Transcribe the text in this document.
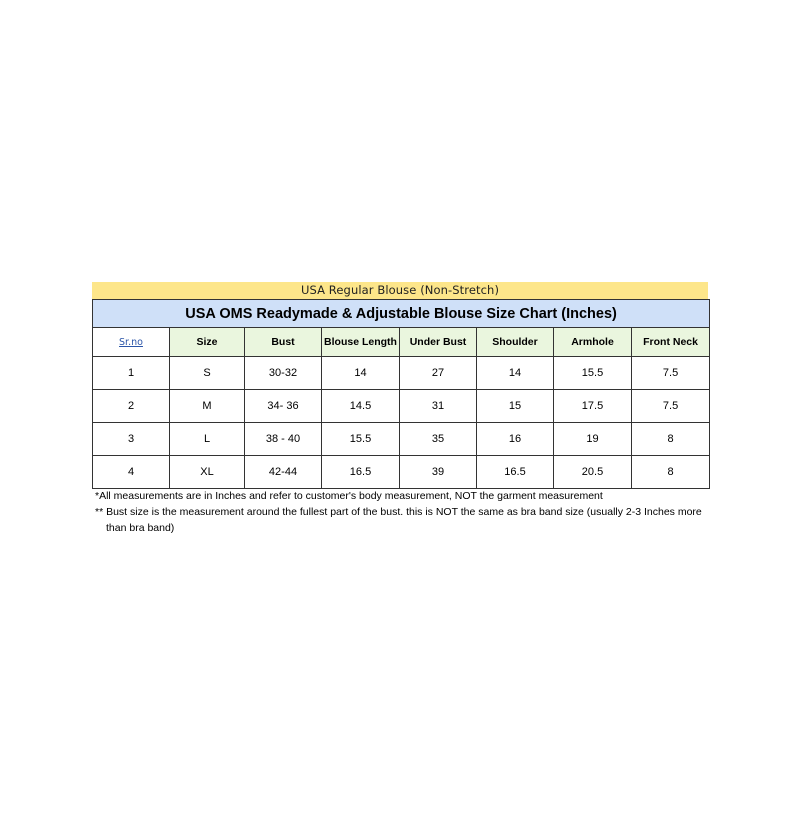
USA Regular Blouse (Non-Stretch)
USA OMS Readymade & Adjustable Blouse Size Chart (Inches)							
Sr.no	Size	Bust	Blouse Length	Under Bust	Shoulder	Armhole	Front Neck
1	S	30-32	14	27	14	15.5	7.5
2	M	34- 36	14.5	31	15	17.5	7.5
3	L	38 - 40	15.5	35	16	19	8
4	XL	42-44	16.5	39	16.5	20.5	8

*All measurements are in Inches and refer to customer's body measurement, NOT the garment measurement

** Bust size is the measurement around the fullest part of the bust. this is NOT the same as bra band size (usually 2-3 Inches more

than bra band)
